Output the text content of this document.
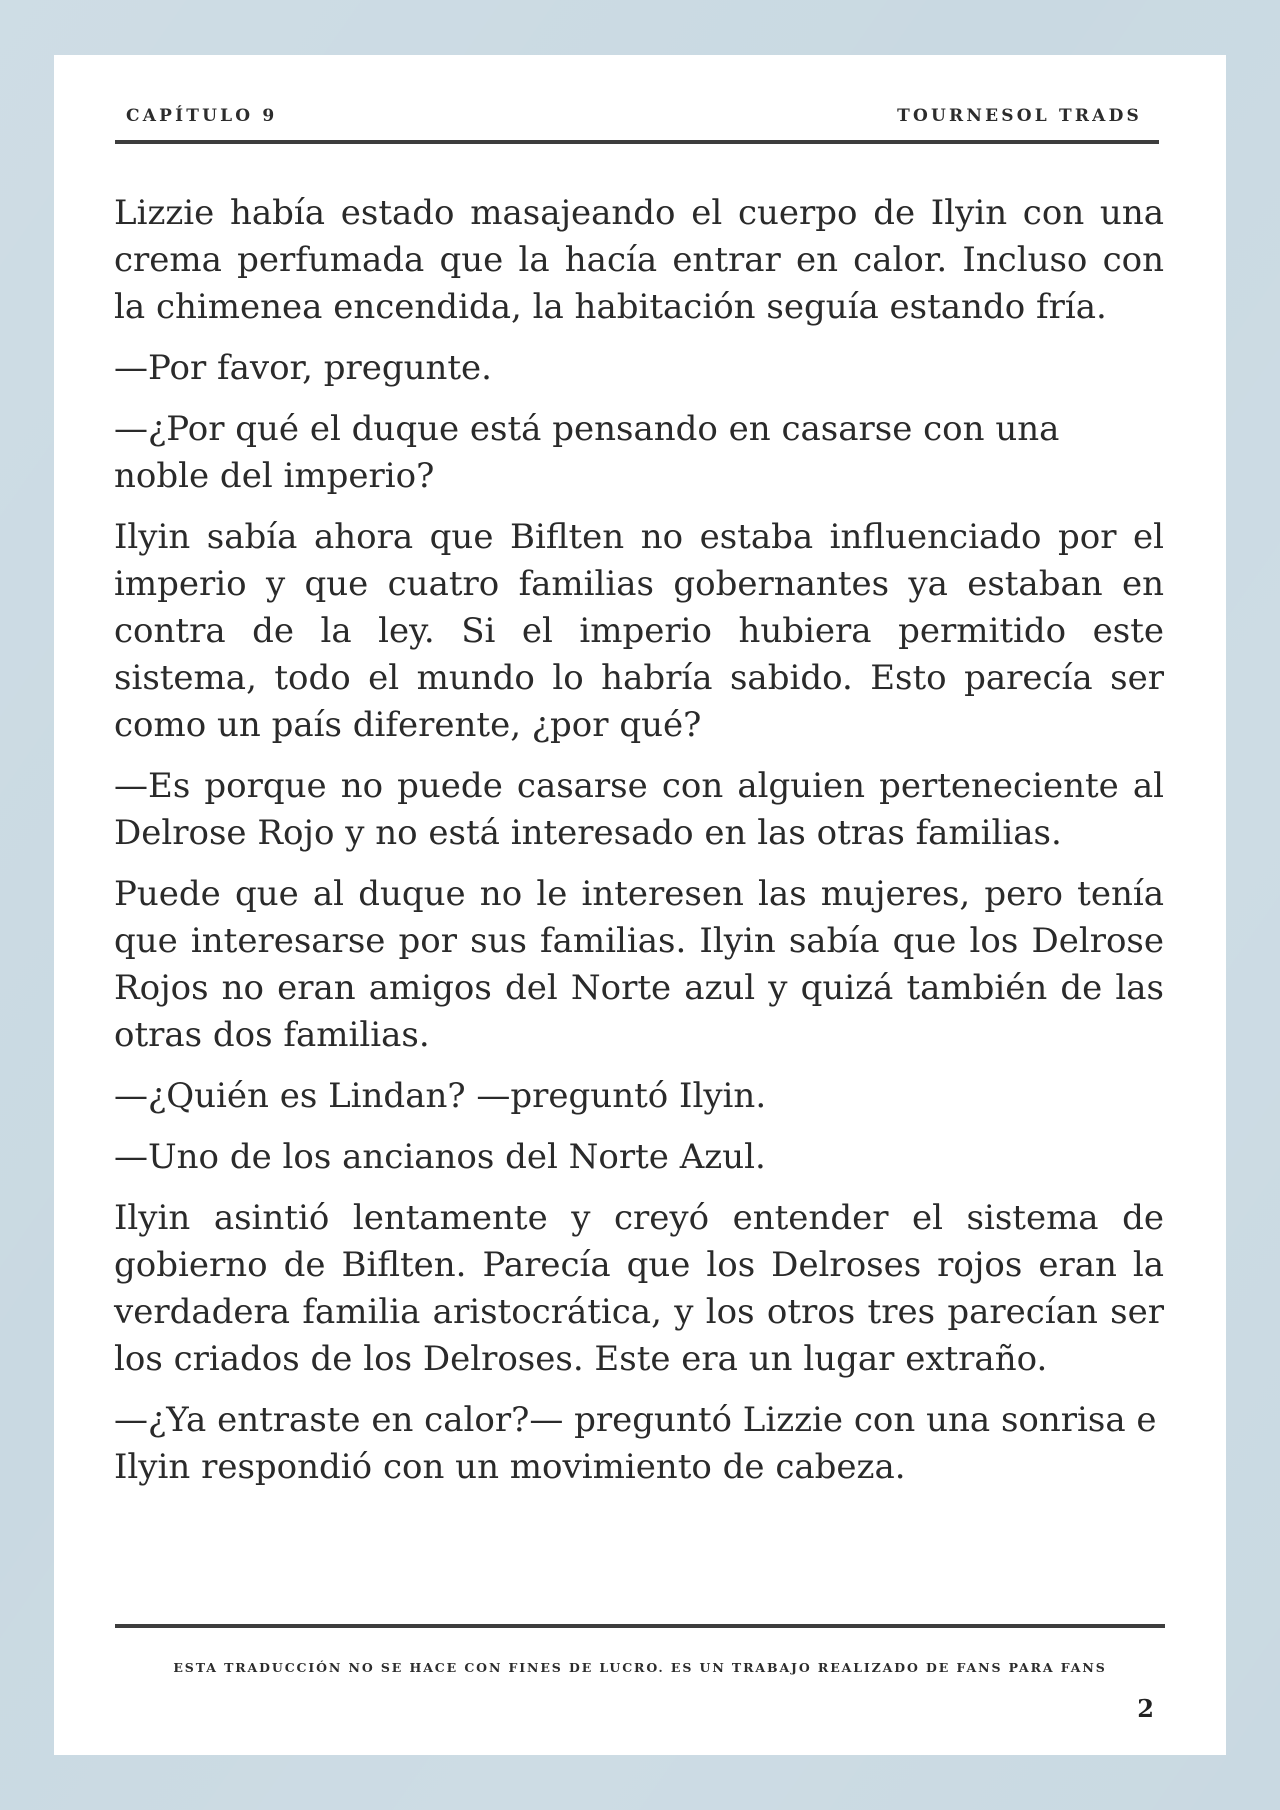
CAPÍTULO 9	TOURNESOL TRADS

Lizzie había estado masajeando el cuerpo de Ilyin con una crema perfumada que la hacía entrar en calor. Incluso con la chimenea encendida, la habitación seguía estando fría.

—Por favor, pregunte.

—¿Por qué el duque está pensando en casarse con una noble del imperio?

Ilyin sabía ahora que Biflten no estaba influenciado por el imperio y que cuatro familias gobernantes ya estaban en contra de la ley. Si el imperio hubiera permitido este sistema, todo el mundo lo habría sabido. Esto parecía ser como un país diferente, ¿por qué?

—Es porque no puede casarse con alguien perteneciente al Delrose Rojo y no está interesado en las otras familias.

Puede que al duque no le interesen las mujeres, pero tenía que interesarse por sus familias. Ilyin sabía que los Delrose Rojos no eran amigos del Norte azul y quizá también de las otras dos familias.

—¿Quién es Lindan? —preguntó Ilyin.

—Uno de los ancianos del Norte Azul.

Ilyin asintió lentamente y creyó entender el sistema de gobierno de Biflten. Parecía que los Delroses rojos eran la verdadera familia aristocrática, y los otros tres parecían ser los criados de los Delroses. Este era un lugar extraño.

—¿Ya entraste en calor?— preguntó Lizzie con una sonrisa e Ilyin respondió con un movimiento de cabeza.

ESTA TRADUCCIÓN NO SE HACE CON FINES DE LUCRO. ES UN TRABAJO REALIZADO DE FANS PARA FANS
2
